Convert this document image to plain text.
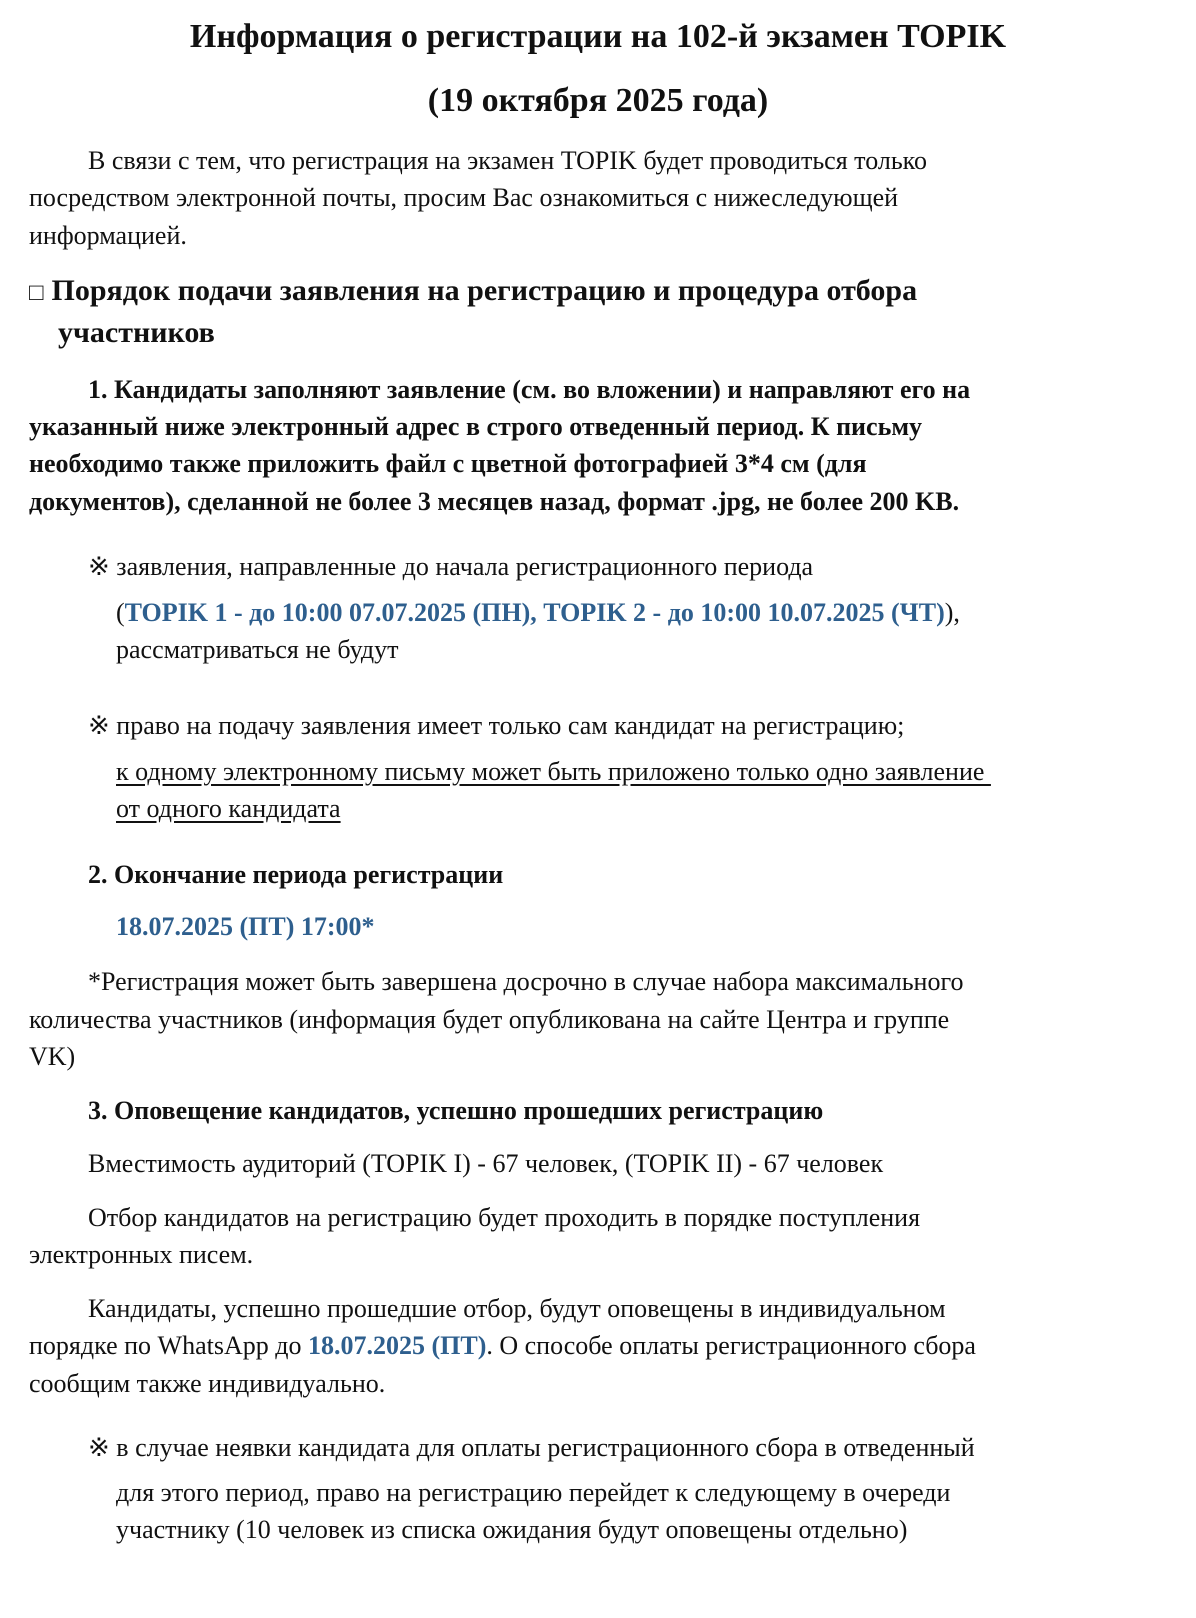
Информация о регистрации на 102-й экзамен TOPIK
(19 октября 2025 года)
В связи с тем, что регистрация на экзамен TOPIK будет проводиться только
посредством электронной почты, просим Вас ознакомиться с нижеследующей
информацией.
□ Порядок подачи заявления на регистрацию и процедура отбора
участников
1. Кандидаты заполняют заявление (см. во вложении) и направляют его на
указанный ниже электронный адрес в строго отведенный период. К письму
необходимо также приложить файл с цветной фотографией 3*4 см (для
документов), сделанной не более 3 месяцев назад, формат .jpg, не более 200 KB.
※ заявления, направленные до начала регистрационного периода
(TOPIK 1 - до 10:00 07.07.2025 (ПН), TOPIK 2 - до 10:00 10.07.2025 (ЧТ)),
рассматриваться не будут
※ право на подачу заявления имеет только сам кандидат на регистрацию;
к одному электронному письму может быть приложено только одно заявление
от одного кандидата
2. Окончание периода регистрации
18.07.2025 (ПТ) 17:00*
*Регистрация может быть завершена досрочно в случае набора максимального
количества участников (информация будет опубликована на сайте Центра и группе
VK)
3. Оповещение кандидатов, успешно прошедших регистрацию
Вместимость аудиторий (TOPIK I) - 67 человек, (TOPIK II) - 67 человек
Отбор кандидатов на регистрацию будет проходить в порядке поступления
электронных писем.
Кандидаты, успешно прошедшие отбор, будут оповещены в индивидуальном
порядке по WhatsApp до 18.07.2025 (ПТ). О способе оплаты регистрационного сбора
сообщим также индивидуально.
※ в случае неявки кандидата для оплаты регистрационного сбора в отведенный
для этого период, право на регистрацию перейдет к следующему в очереди
участнику (10 человек из списка ожидания будут оповещены отдельно)
